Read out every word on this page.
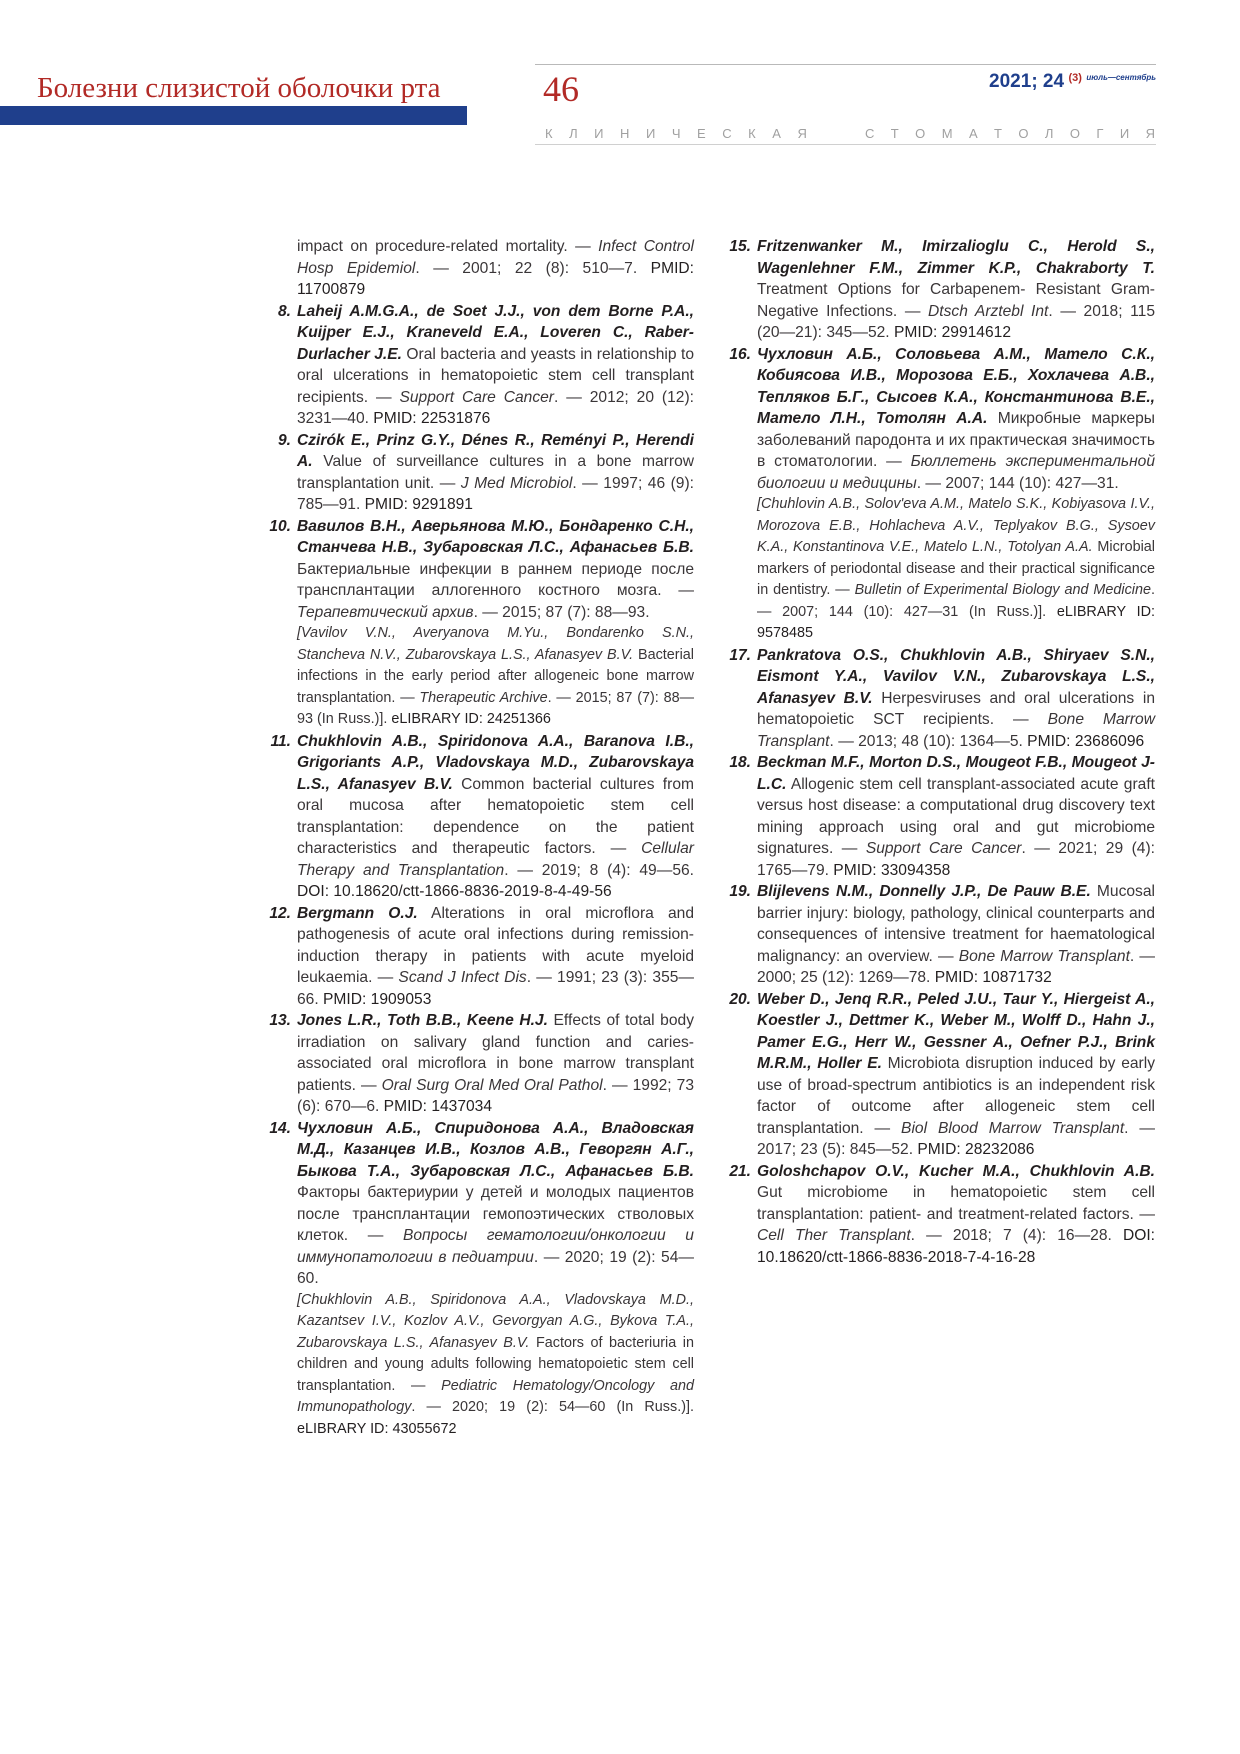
Болезни слизистой оболочки рта	46	2021; 24 $^{(3)}$ $^{июль—сентябрь}$
К Л И Н И Ч Е С К А Я	С Т О М А Т О Л О Г И Я

impact on procedure-related mortality. — Infect Control Hosp Epidemiol. — 2001; 22 (8): 510—7. PMID: 11700879

8. Laheij A.M.G.A., de Soet J.J., von dem Borne P.A., Kuijper E.J., Kraneveld E.A., Loveren C., Raber-Durlacher J.E. Oral bacteria and yeasts in relationship to oral ulcerations in hematopoietic stem cell transplant recipients. — Support Care Cancer. — 2012; 20 (12): 3231—40. PMID: 22531876

9. Czirók E., Prinz G.Y., Dénes R., Reményi P., Herendi A. Value of surveillance cultures in a bone marrow transplantation unit. — J Med Microbiol. — 1997; 46 (9): 785—91. PMID: 9291891

10. Вавилов В.Н., Аверьянова М.Ю., Бондаренко С.Н., Станчева Н.В., Зубаровская Л.С., Афанасьев Б.В. Бактериальные инфекции в раннем периоде после трансплантации аллогенного костного мозга. — Терапевтический архив. — 2015; 87 (7): 88—93.
[Vavilov V.N., Averyanova M.Yu., Bondarenko S.N., Stancheva N.V., Zubarovskaya L.S., Afanasyev B.V. Bacterial infections in the early period after allogeneic bone marrow transplantation. — Therapeutic Archive. — 2015; 87 (7): 88—93 (In Russ.)]. eLIBRARY ID: 24251366

11. Chukhlovin A.B., Spiridonova A.A., Baranova I.B., Grigoriants A.P., Vladovskaya M.D., Zubarovskaya L.S., Afanasyev B.V. Common bacterial cultures from oral mucosa after hematopoietic stem cell transplantation: dependence on the patient characteristics and therapeutic factors. — Cellular Therapy and Transplantation. — 2019; 8 (4): 49—56. DOI: 10.18620/ctt-1866-8836-2019-8-4-49-56

12. Bergmann O.J. Alterations in oral microflora and pathogenesis of acute oral infections during remission-induction therapy in patients with acute myeloid leukaemia. — Scand J Infect Dis. — 1991; 23 (3): 355—66. PMID: 1909053

13. Jones L.R., Toth B.B., Keene H.J. Effects of total body irradiation on salivary gland function and caries-associated oral microflora in bone marrow transplant patients. — Oral Surg Oral Med Oral Pathol. — 1992; 73 (6): 670—6. PMID: 1437034

14. Чухловин А.Б., Спиридонова А.А., Владовская М.Д., Казанцев И.В., Козлов А.В., Геворгян А.Г., Быкова Т.А., Зубаровская Л.С., Афанасьев Б.В. Факторы бактериурии у детей и молодых пациентов после трансплантации гемопоэтических стволовых клеток. — Вопросы гематологии/онкологии и иммунопатологии в педиатрии. — 2020; 19 (2): 54—60.
[Chukhlovin A.B., Spiridonova A.A., Vladovskaya M.D., Kazantsev I.V., Kozlov A.V., Gevorgyan A.G., Bykova T.A., Zubarovskaya L.S., Afanasyev B.V. Factors of bacteriuria in children and young adults following hematopoietic stem cell transplantation. — Pediatric Hematology/Oncology and Immunopathology. — 2020; 19 (2): 54—60 (In Russ.)]. eLIBRARY ID: 43055672

15. Fritzenwanker M., Imirzalioglu C., Herold S., Wagenlehner F.M., Zimmer K.P., Chakraborty T. Treatment Options for Carbapenem- Resistant Gram-Negative Infections. — Dtsch Arztebl Int. — 2018; 115 (20—21): 345—52. PMID: 29914612

16. Чухловин А.Б., Соловьева А.М., Матело С.К., Кобиясова И.В., Морозова Е.Б., Хохлачева А.В., Тепляков Б.Г., Сысоев К.А., Константинова В.Е., Матело Л.Н., Тотолян А.А. Микробные маркеры заболеваний пародонта и их практическая значимость в стоматологии. — Бюллетень экспериментальной биологии и медицины. — 2007; 144 (10): 427—31.
[Chuhlovin A.B., Solov'eva A.M., Matelo S.K., Kobiyasova I.V., Morozova E.B., Hohlacheva A.V., Teplyakov B.G., Sysoev K.A., Konstantinova V.E., Matelo L.N., Totolyan A.A. Microbial markers of periodontal disease and their practical significance in dentistry. — Bulletin of Experimental Biology and Medicine. — 2007; 144 (10): 427—31 (In Russ.)]. eLIBRARY ID: 9578485

17. Pankratova O.S., Chukhlovin A.B., Shiryaev S.N., Eismont Y.A., Vavilov V.N., Zubarovskaya L.S., Afanasyev B.V. Herpesviruses and oral ulcerations in hematopoietic SCT recipients. — Bone Marrow Transplant. — 2013; 48 (10): 1364—5. PMID: 23686096

18. Beckman M.F., Morton D.S., Mougeot F.B., Mougeot J-L.C. Allogenic stem cell transplant-associated acute graft versus host disease: a computational drug discovery text mining approach using oral and gut microbiome signatures. — Support Care Cancer. — 2021; 29 (4): 1765—79. PMID: 33094358

19. Blijlevens N.M., Donnelly J.P., De Pauw B.E. Mucosal barrier injury: biology, pathology, clinical counterparts and consequences of intensive treatment for haematological malignancy: an overview. — Bone Marrow Transplant. — 2000; 25 (12): 1269—78. PMID: 10871732

20. Weber D., Jenq R.R., Peled J.U., Taur Y., Hiergeist A., Koestler J., Dettmer K., Weber M., Wolff D., Hahn J., Pamer E.G., Herr W., Gessner A., Oefner P.J., Brink M.R.M., Holler E. Microbiota disruption induced by early use of broad-spectrum antibiotics is an independent risk factor of outcome after allogeneic stem cell transplantation. — Biol Blood Marrow Transplant. — 2017; 23 (5): 845—52. PMID: 28232086

21. Goloshchapov O.V., Kucher M.A., Chukhlovin A.B. Gut microbiome in hematopoietic stem cell transplantation: patient- and treatment-related factors. — Cell Ther Transplant. — 2018; 7 (4): 16—28. DOI: 10.18620/ctt-1866-8836-2018-7-4-16-28
